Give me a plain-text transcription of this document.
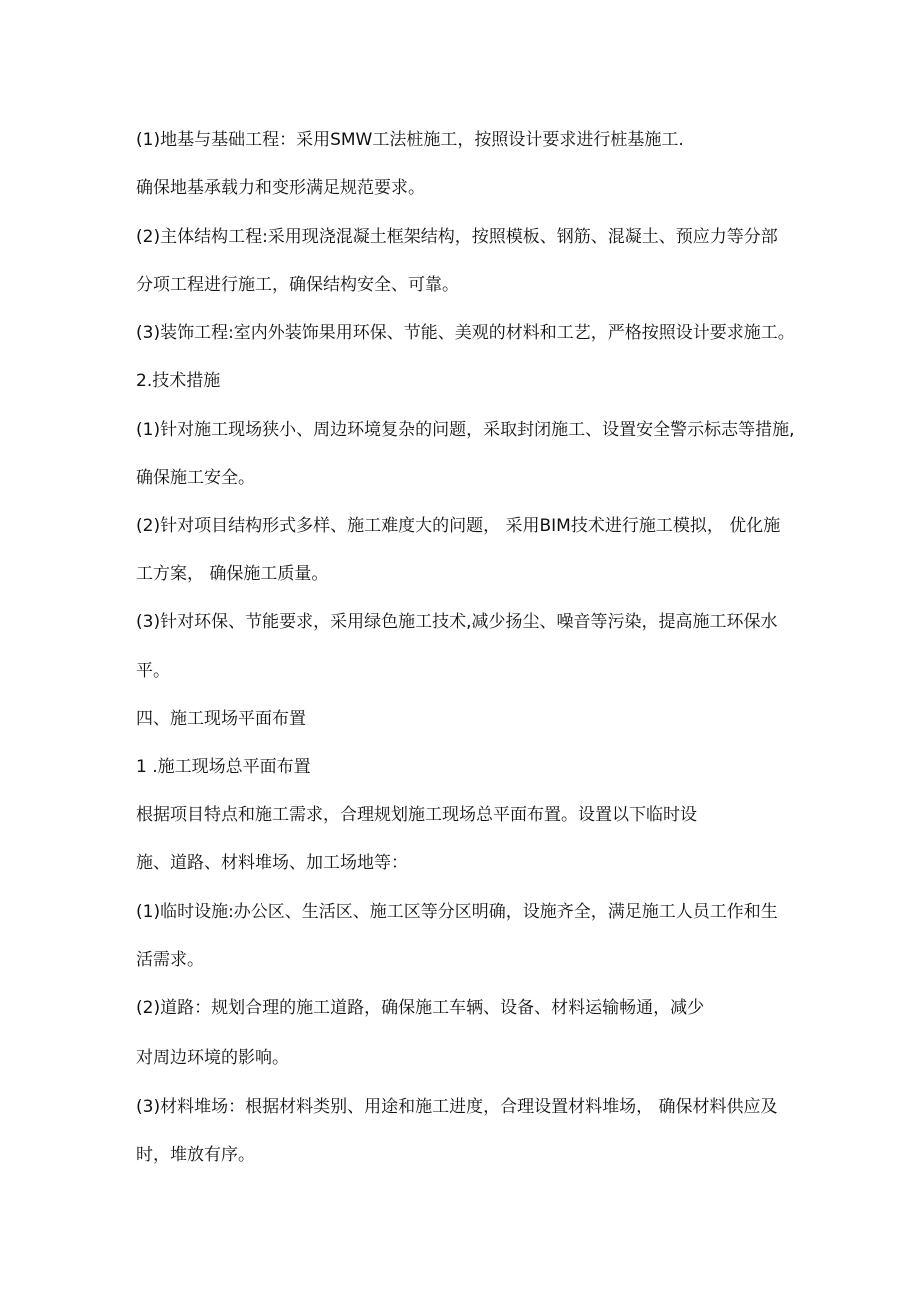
(1)地基与基础工程：采用SMW工法桩施工，按照设计要求进行桩基施工.

确保地基承载力和变形满足规范要求。

(2)主体结构工程:采用现浇混凝土框架结构，按照模板、钢筋、混凝土、预应力等分部

分项工程进行施工，确保结构安全、可靠。

(3)装饰工程:室内外装饰果用环保、节能、美观的材料和工艺，严格按照设计要求施工。

2.技术措施

(1)针对施工现场狭小、周边环境复杂的问题，采取封闭施工、设置安全警示标志等措施,

确保施工安全。

(2)针对项目结构形式多样、施工难度大的问题， 采用BIM技术进行施工模拟， 优化施

工方案， 确保施工质量。

(3)针对环保、节能要求，采用绿色施工技术,减少扬尘、噪音等污染，提高施工环保水

平。

四、施工现场平面布置

1 .施工现场总平面布置

根据项目特点和施工需求，合理规划施工现场总平面布置。设置以下临时设

施、道路、材料堆场、加工场地等：

(1)临时设施:办公区、生活区、施工区等分区明确，设施齐全，满足施工人员工作和生

活需求。

(2)道路：规划合理的施工道路，确保施工车辆、设备、材料运输畅通，减少

对周边环境的影响。

(3)材料堆场：根据材料类别、用途和施工进度，合理设置材料堆场， 确保材料供应及

时，堆放有序。
